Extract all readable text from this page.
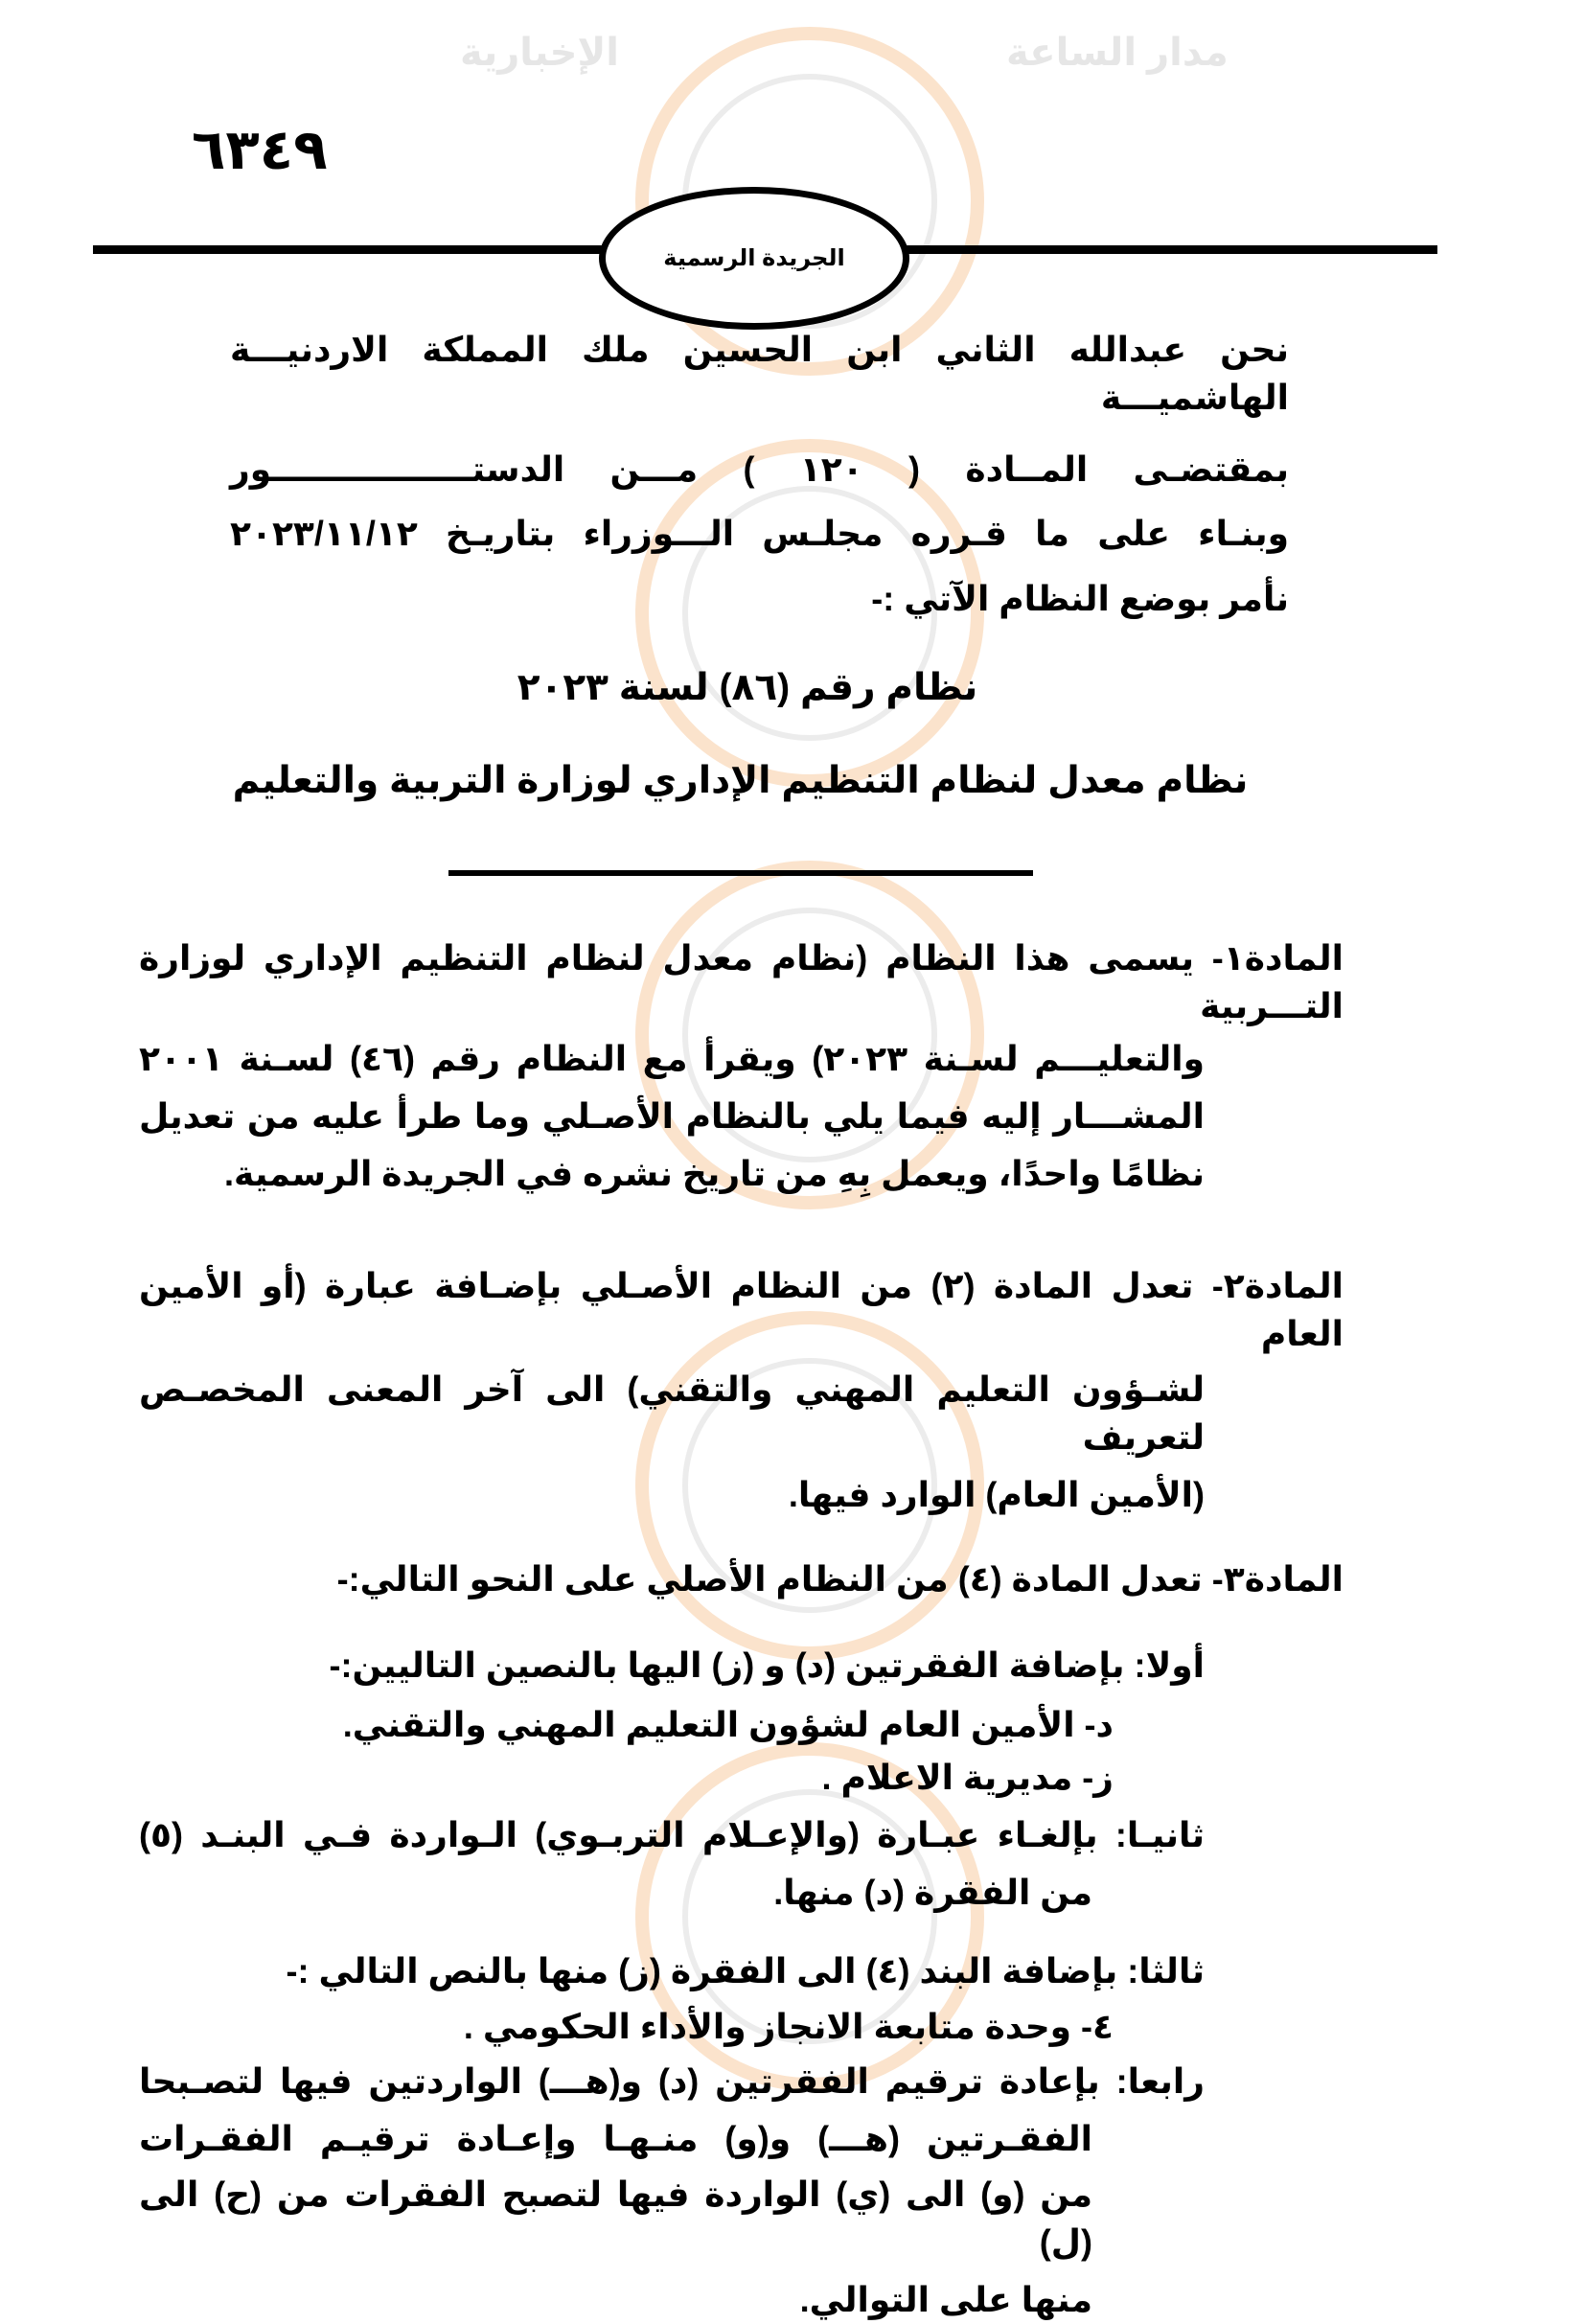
مدار الساعة
الإخبارية
٦٣٤٩
الجريدة الرسمية
نحن عبدالله الثاني ابن الحسين ملك المملكة الاردنيـــة الهاشميـــة
بمقتضـى المــادة ( ١٢٠ ) مـــن الدستـــــــــــــــــور
وبنـاء على ما قـرره مجلـس الـــوزراء بتاريـخ ٢٠٢٣/١١/١٢
نأمر بوضع النظام الآتي :-
نظام رقم (٨٦) لسنة ٢٠٢٣
نظام معدل لنظام التنظيم الإداري لوزارة التربية والتعليم
المادة١- يسمى هذا النظام (نظام معدل لنظام التنظيم الإداري لوزارة التـــربية
والتعليـــم لسـنة ٢٠٢٣) ويقرأ مع النظام رقم (٤٦) لسـنة ٢٠٠١
المشـــار إليه فيما يلي بالنظام الأصـلي وما طرأ عليه من تعديل
نظامًا واحدًا، ويعمل بِهِ من تاريخ نشره في الجريدة الرسمية.
المادة٢- تعدل المادة (٢) من النظام الأصـلي بإضـافة عبارة (أو الأمين العام
لشـؤون التعليم المهني والتقني) الى آخر المعنى المخصـص لتعريف
(الأمين العام) الوارد فيها.
المادة٣- تعدل المادة (٤) من النظام الأصلي على النحو التالي:-
أولا: بإضافة الفقرتين (د) و (ز) اليها بالنصين التاليين:-
د- الأمين العام لشؤون التعليم المهني والتقني.
ز- مديرية الاعلام .
ثانيـا: بإلغـاء عبـارة (والإعـلام التربـوي) الـواردة فـي البنـد (٥)
من الفقرة (د) منها.
ثالثا: بإضافة البند (٤) الى الفقرة (ز) منها بالنص التالي :-
٤- وحدة متابعة الانجاز والأداء الحكومي .
رابعا: بإعادة ترقيم الفقرتين (د) و(هـــ) الواردتين فيها لتصـبحا
الفقـرتين (هـــ) و(و) منـهـا وإعـادة ترقيـم الفقـرات
من (و) الى (ي) الواردة فيها لتصبح الفقرات من (ح) الى (ل)
منها على التوالي.
